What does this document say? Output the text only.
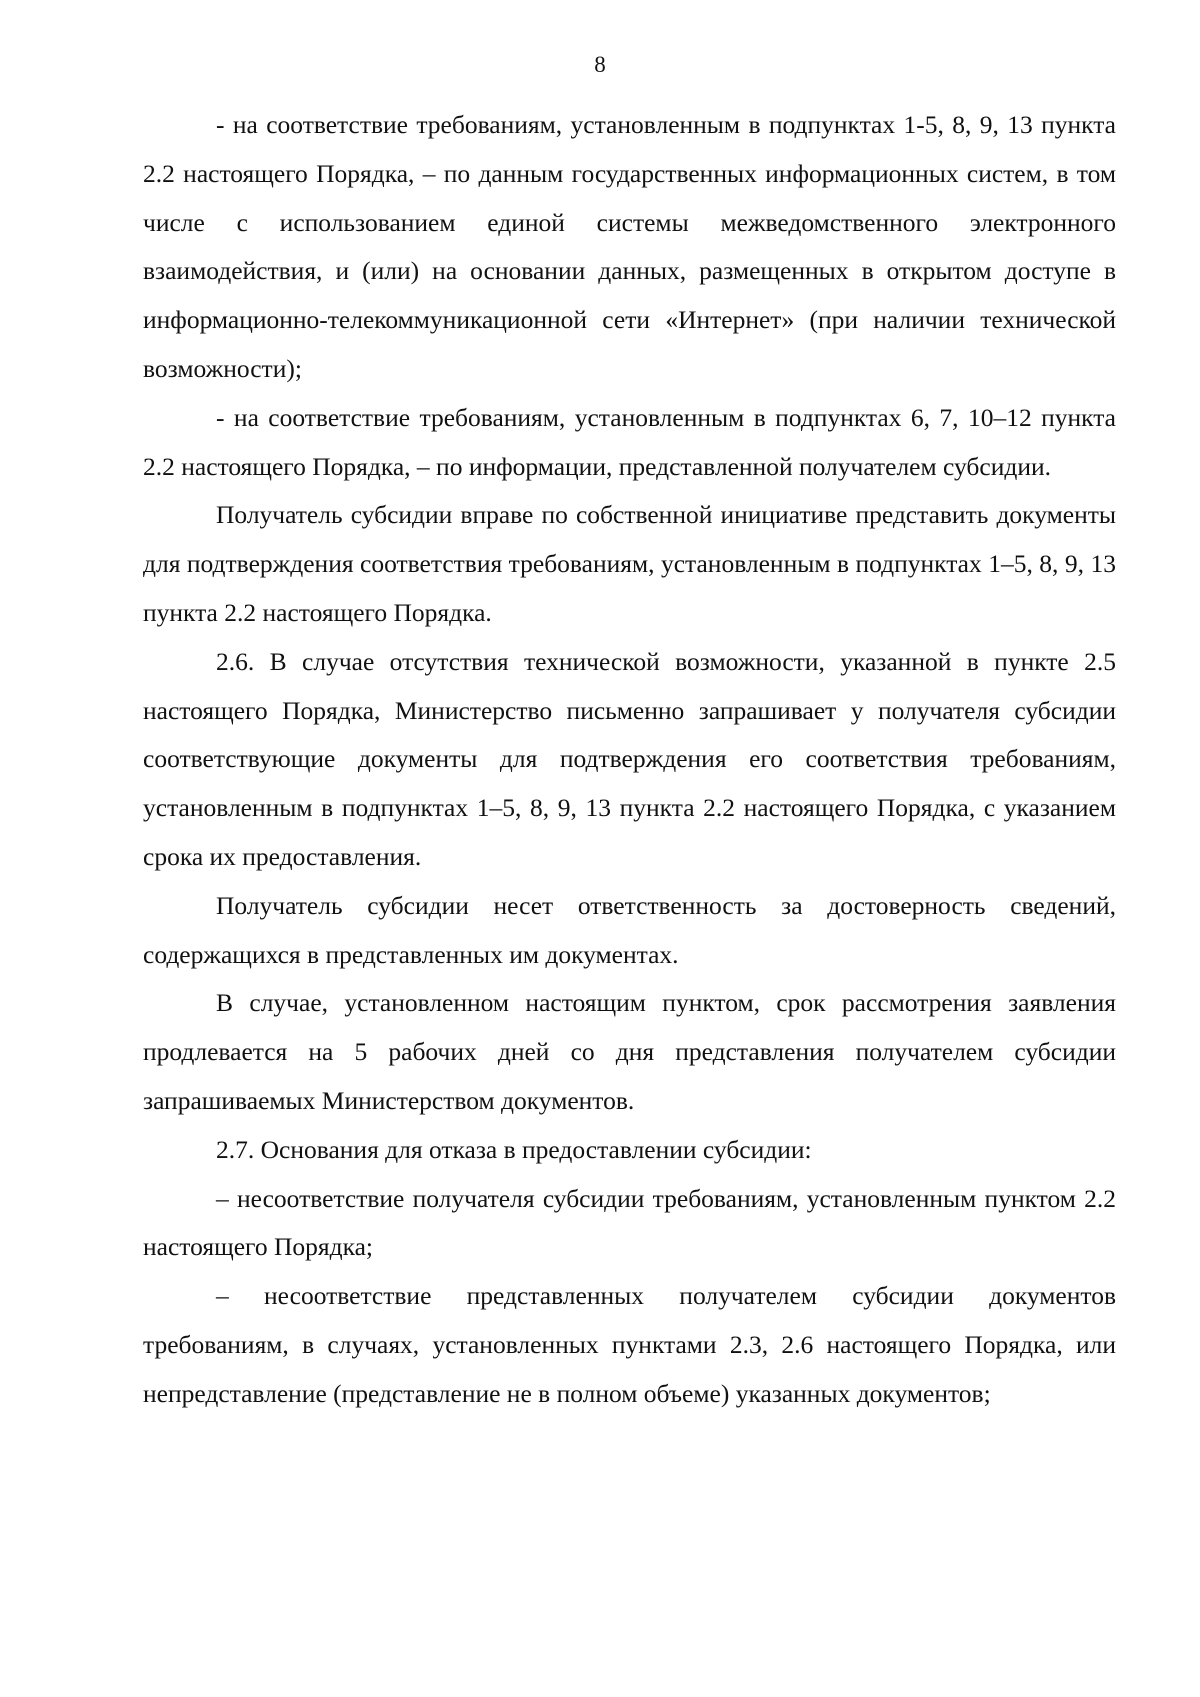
8

- на соответствие требованиям, установленным в подпунктах 1-5, 8, 9, 13 пункта 2.2 настоящего Порядка, – по данным государственных информационных систем, в том числе с использованием единой системы межведомственного электронного взаимодействия, и (или) на основании данных, размещенных в открытом доступе в информационно-телекоммуникационной сети «Интернет» (при наличии технической возможности);

- на соответствие требованиям, установленным в подпунктах 6, 7, 10–12 пункта 2.2 настоящего Порядка, – по информации, представленной получателем субсидии.

Получатель субсидии вправе по собственной инициативе представить документы для подтверждения соответствия требованиям, установленным в подпунктах 1–5, 8, 9, 13 пункта 2.2 настоящего Порядка.

2.6. В случае отсутствия технической возможности, указанной в пункте 2.5 настоящего Порядка, Министерство письменно запрашивает у получателя субсидии соответствующие документы для подтверждения его соответствия требованиям, установленным в подпунктах 1–5, 8, 9, 13 пункта 2.2 настоящего Порядка, с указанием срока их предоставления.

Получатель субсидии несет ответственность за достоверность сведений, содержащихся в представленных им документах.

В случае, установленном настоящим пунктом, срок рассмотрения заявления продлевается на 5 рабочих дней со дня представления получателем субсидии запрашиваемых Министерством документов.

2.7. Основания для отказа в предоставлении субсидии:

– несоответствие получателя субсидии требованиям, установленным пунктом 2.2 настоящего Порядка;

– несоответствие представленных получателем субсидии документов требованиям, в случаях, установленных пунктами 2.3, 2.6 настоящего Порядка, или непредставление (представление не в полном объеме) указанных документов;
